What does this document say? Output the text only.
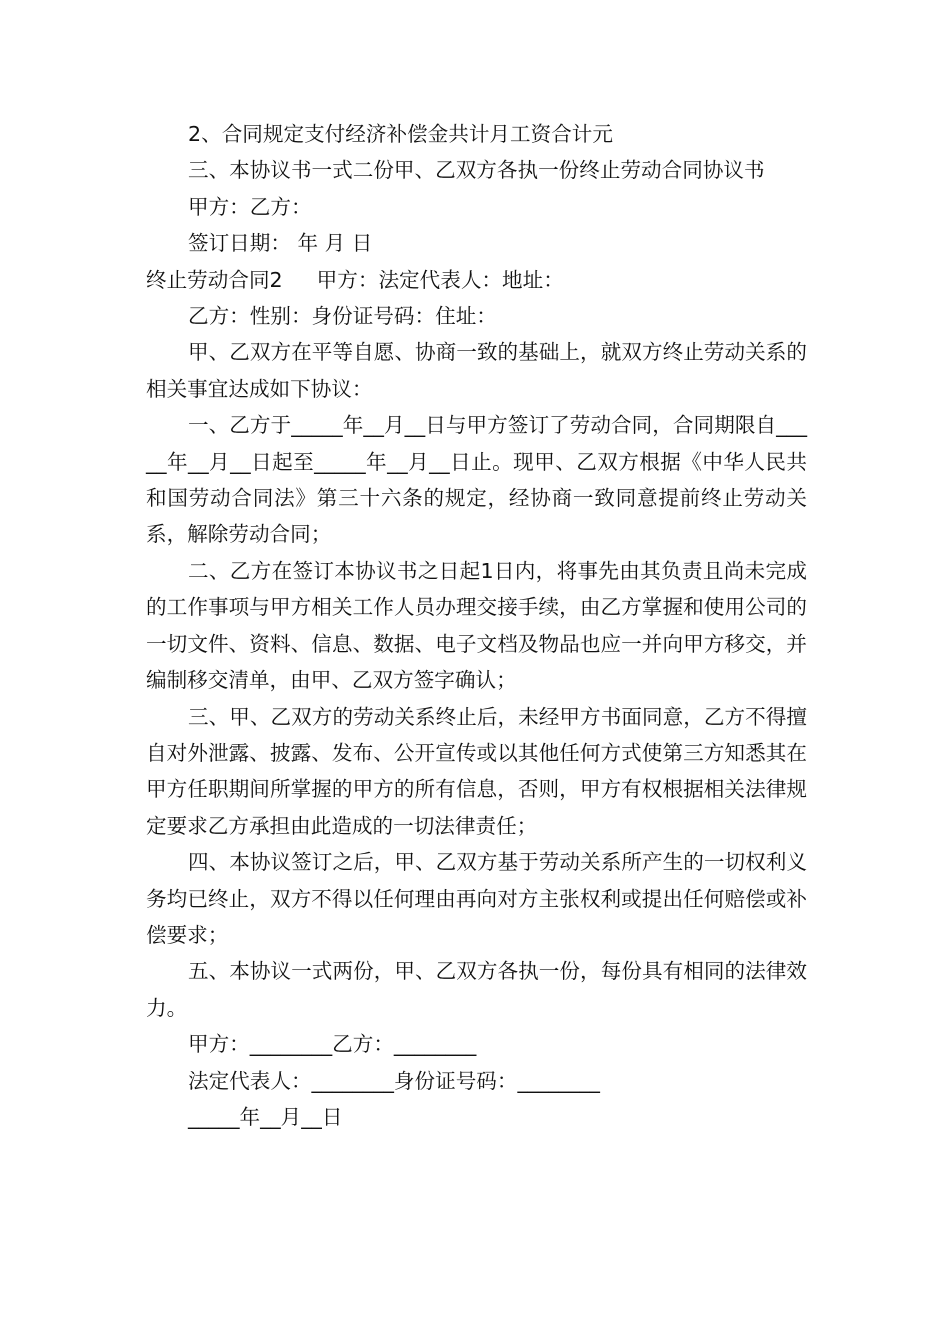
2、合同规定支付经济补偿金共计月工资合计元

三、本协议书一式二份甲、乙双方各执一份终止劳动合同协议书

甲方：乙方：

签订日期： 年 月 日

终止劳动合同2 甲方：法定代表人：地址：

乙方：性别：身份证号码：住址：

甲、乙双方在平等自愿、协商一致的基础上，就双方终止劳动关系的相关事宜达成如下协议：

一、乙方于_____年__月__日与甲方签订了劳动合同，合同期限自_____年__月__日起至_____年__月__日止。现甲、乙双方根据《中华人民共和国劳动合同法》第三十六条的规定，经协商一致同意提前终止劳动关系，解除劳动合同；

二、乙方在签订本协议书之日起1日内，将事先由其负责且尚未完成的工作事项与甲方相关工作人员办理交接手续，由乙方掌握和使用公司的一切文件、资料、信息、数据、电子文档及物品也应一并向甲方移交，并编制移交清单，由甲、乙双方签字确认；

三、甲、乙双方的劳动关系终止后，未经甲方书面同意，乙方不得擅自对外泄露、披露、发布、公开宣传或以其他任何方式使第三方知悉其在甲方任职期间所掌握的甲方的所有信息，否则，甲方有权根据相关法律规定要求乙方承担由此造成的一切法律责任；

四、本协议签订之后，甲、乙双方基于劳动关系所产生的一切权利义务均已终止，双方不得以任何理由再向对方主张权利或提出任何赔偿或补偿要求；

五、本协议一式两份，甲、乙双方各执一份，每份具有相同的法律效力。

甲方：________乙方：________

法定代表人：________身份证号码：________

_____年__月__日
